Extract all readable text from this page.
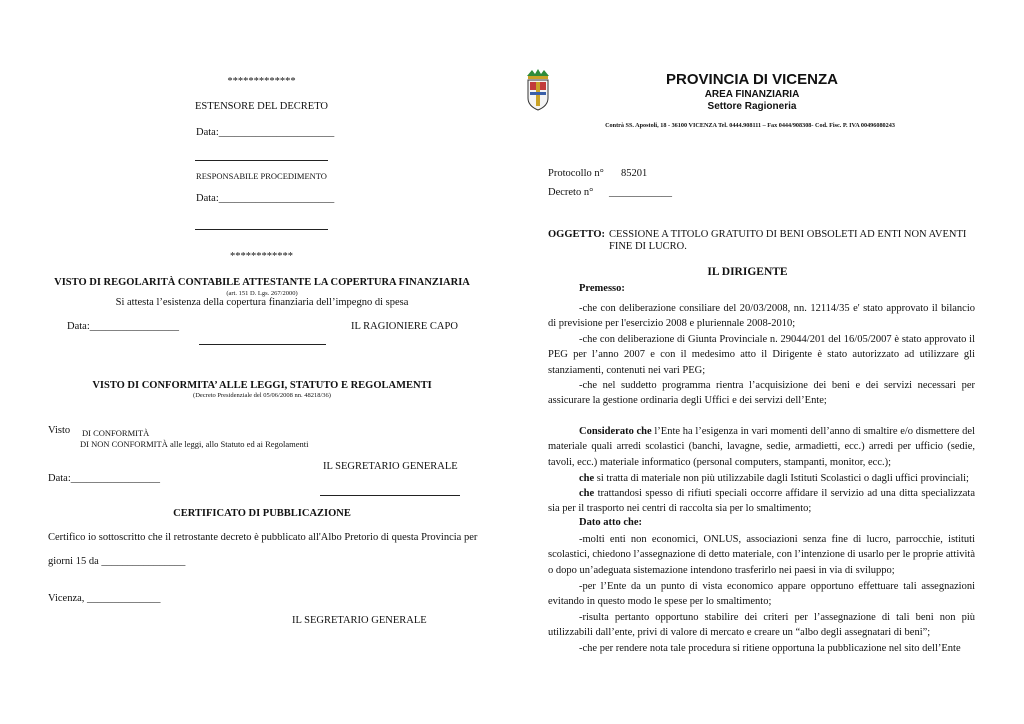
*************
ESTENSORE DEL DECRETO
Data:______________________
RESPONSABILE PROCEDIMENTO
Data:______________________
************
VISTO DI REGOLARITÀ CONTABILE ATTESTANTE LA COPERTURA FINANZIARIA
(art. 151 D. Lgs. 267/2000)
Si attesta l’esistenza della copertura finanziaria dell’impegno di spesa
Data:_________________	IL RAGIONIERE CAPO
VISTO DI CONFORMITA’ ALLE LEGGI, STATUTO E REGOLAMENTI
(Decreto Presidenziale del 05/06/2008 nn. 48218/36)
Visto DI CONFORMITÀ
DI NON CONFORMITÀ alle leggi, allo Statuto ed ai Regolamenti
IL SEGRETARIO GENERALE
Data:_________________
CERTIFICATO DI PUBBLICAZIONE
Certifico io sottoscritto che il retrostante decreto è pubblicato all'Albo Pretorio di questa Provincia per
giorni 15 da ________________
Vicenza, ______________
IL SEGRETARIO GENERALE
PROVINCIA DI VICENZA
AREA FINANZIARIA
Settore Ragioneria
Contrà SS. Apostoli, 18 - 36100 VICENZA Tel. 0444.908111 – Fax 0444/908308- Cod. Fisc. P. IVA 00496080243
Protocollo n° 85201
Decreto n° ____________
OGGETTO: CESSIONE A TITOLO GRATUITO DI BENI OBSOLETI AD ENTI NON AVENTI FINE DI LUCRO.
IL DIRIGENTE
Premesso:
-che con deliberazione consiliare del 20/03/2008, nn. 12114/35 e' stato approvato il bilancio di previsione per l'esercizio 2008 e pluriennale 2008-2010;
-che con deliberazione di Giunta Provinciale n. 29044/201 del 16/05/2007 è stato approvato il PEG per l’anno 2007 e con il medesimo atto il Dirigente è stato autorizzato ad utilizzare gli stanziamenti, contenuti nei vari PEG;
-che nel suddetto programma rientra l’acquisizione dei beni e dei servizi necessari per assicurare la gestione ordinaria degli Uffici e dei servizi dell’Ente;
Considerato che l’Ente ha l’esigenza in vari momenti dell’anno di smaltire e/o dismettere del materiale quali arredi scolastici (banchi, lavagne, sedie, armadietti, ecc.) arredi per ufficio (sedie, tavoli, ecc.) materiale informatico (personal computers, stampanti, monitor, ecc.);
che si tratta di materiale non più utilizzabile dagli Istituti Scolastici o dagli uffici provinciali;
che trattandosi spesso di rifiuti speciali occorre affidare il servizio ad una ditta specializzata sia per il trasporto nei centri di raccolta sia per lo smaltimento;
Dato atto che:
-molti enti non economici, ONLUS, associazioni senza fine di lucro, parrocchie, istituti scolastici, chiedono l’assegnazione di detto materiale, con l’intenzione di usarlo per le proprie attività o dopo un’adeguata sistemazione intendono trasferirlo nei paesi in via di sviluppo;
-per l’Ente da un punto di vista economico appare opportuno effettuare tali assegnazioni evitando in questo modo le spese per lo smaltimento;
-risulta pertanto opportuno stabilire dei criteri per l’assegnazione di tali beni non più utilizzabili dall’ente, privi di valore di mercato e creare un “albo degli assegnatari di beni”;
-che per rendere nota tale procedura si ritiene opportuna la pubblicazione nel sito dell’Ente
